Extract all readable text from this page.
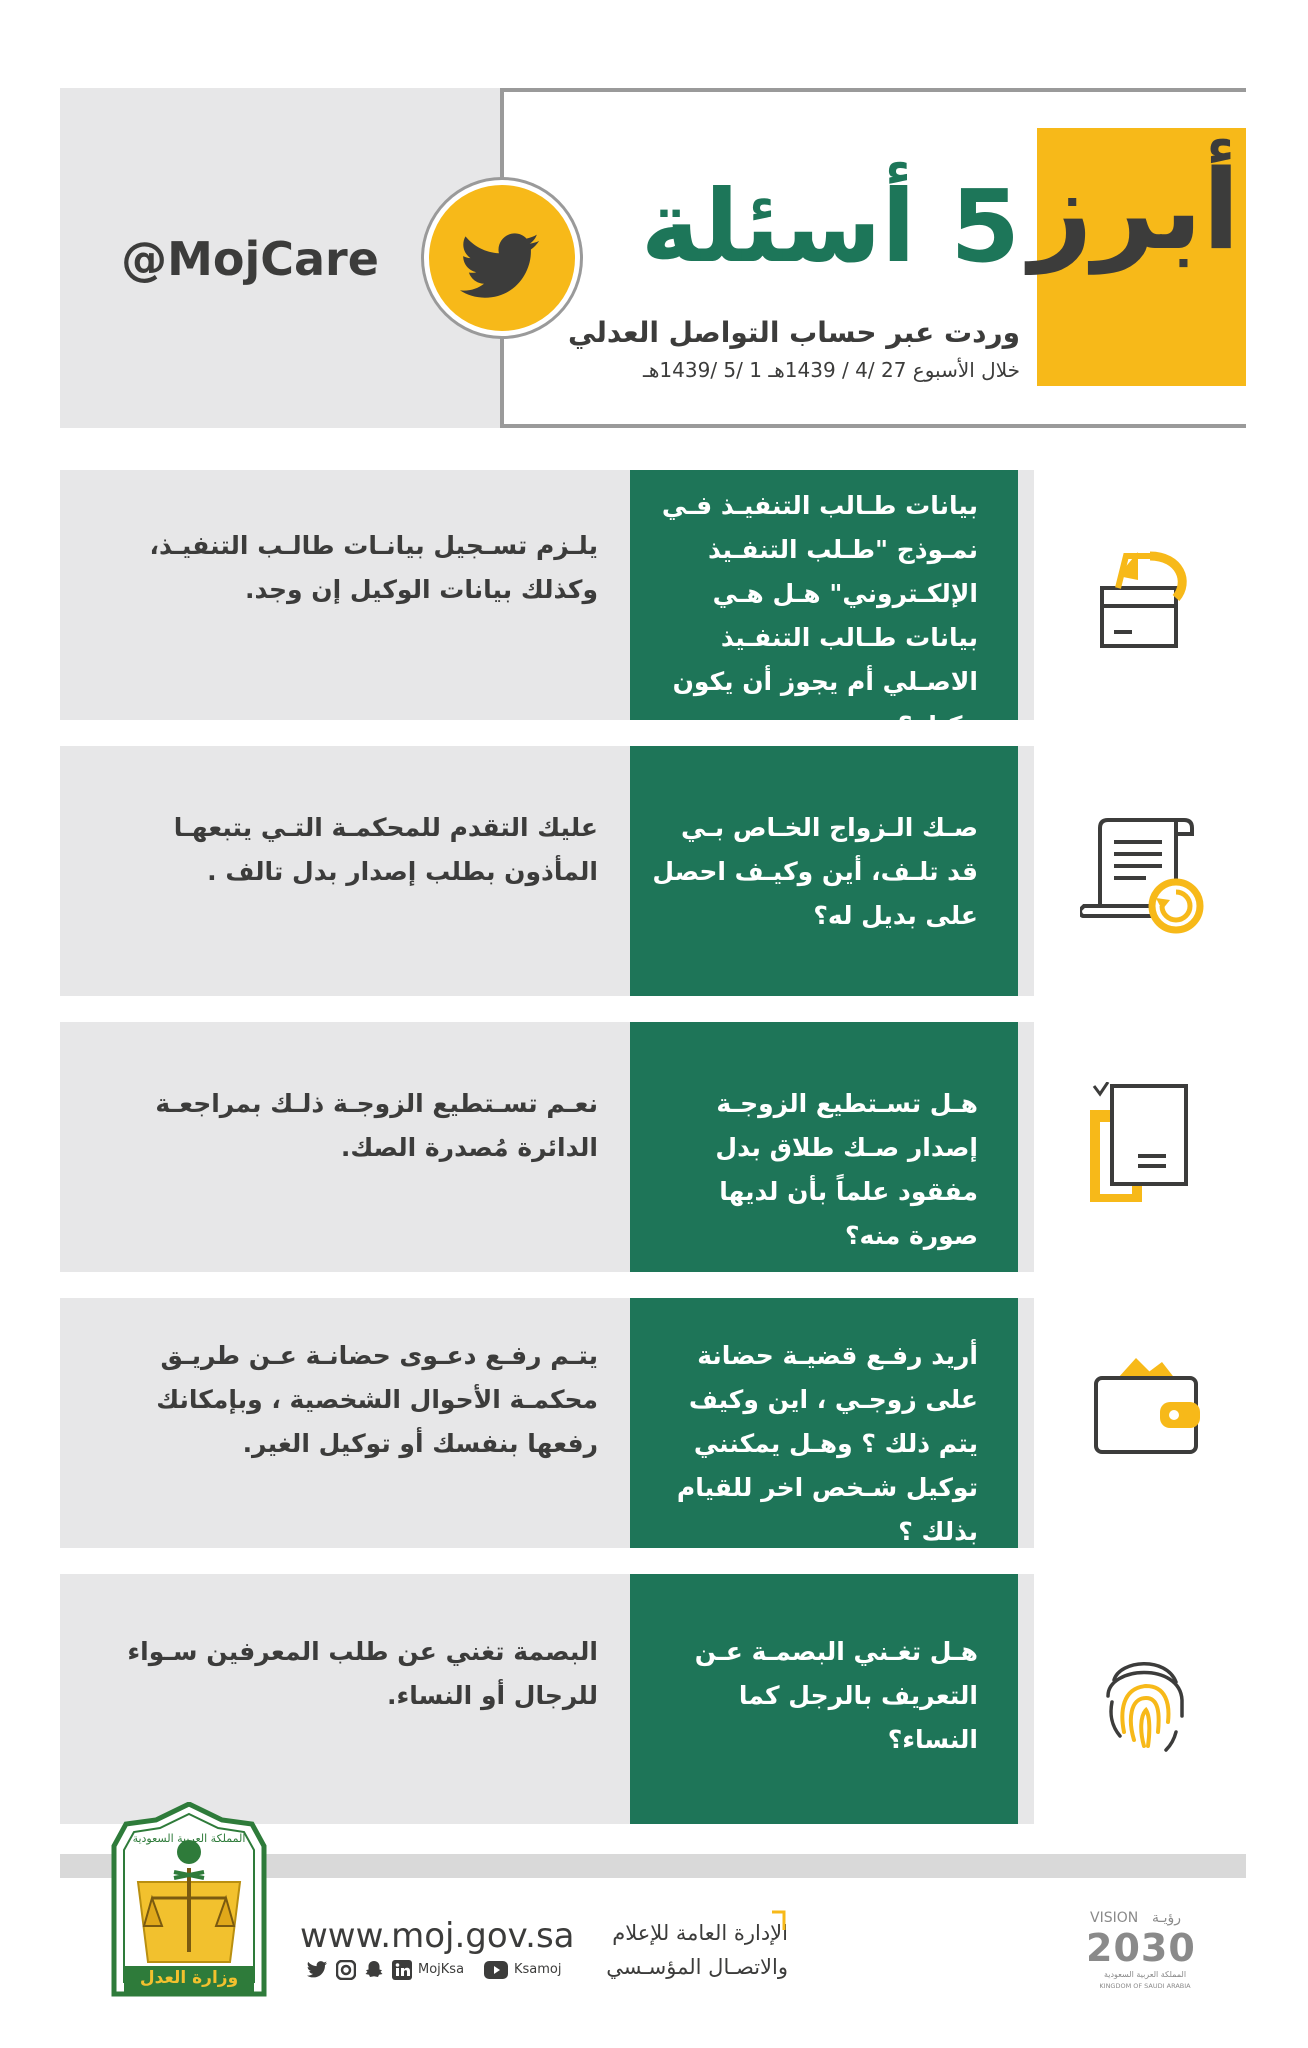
أبرز
5 أسئلة
وردت عبر حساب التواصل العدلي
خلال الأسبوع 27 /4 / 1439هـ 1 /5 /1439هـ
@MojCare
بيانات طـالب التنفيـذ فـي نمـوذج "طـلب التنفـيذ الإلكـتروني" هـل هـي بيانات طـالب التنفـيذ الاصـلي أم يجوز أن يكون وكيله؟
يلـزم تسـجيل بيانـات طالـب التنفيـذ، وكذلك بيانات الوكيل إن وجد.
صـك الـزواج الخـاص بـي قد تلـف، أين وكيـف احصل على بديل له؟
عليك التقدم للمحكمـة التـي يتبعهـا المأذون بطلب إصدار بدل تالف .
هـل تسـتطيع الزوجـة إصدار صـك طلاق بدل مفقود علماً بأن لديها صورة منه؟
نعـم تسـتطيع الزوجـة ذلـك بمراجعـة الدائرة مُصدرة الصك.
أريد رفـع قضيـة حضانة على زوجـي ، اين وكيف يتم ذلك ؟ وهـل يمكنني توكيل شـخص اخر للقيام بذلك ؟
يتـم رفـع دعـوى حضانـة عـن طريـق محكمـة الأحوال الشخصية ، وبإمكانك رفعها بنفسك أو توكيل الغير.
هـل تغـني البصمـة عـن التعريف بالرجل كما النساء؟
البصمة تغني عن طلب المعرفين سـواء للرجال أو النساء.
المملكة العربية السعودية
وزارة العدل
www.moj.gov.sa
MojKsa	Ksamoj
الإدارة العامة للإعلام
والاتصـال المؤسـسي
VISION رؤيـة
2030
المملكة العربية السعودية
KINGDOM OF SAUDI ARABIA
